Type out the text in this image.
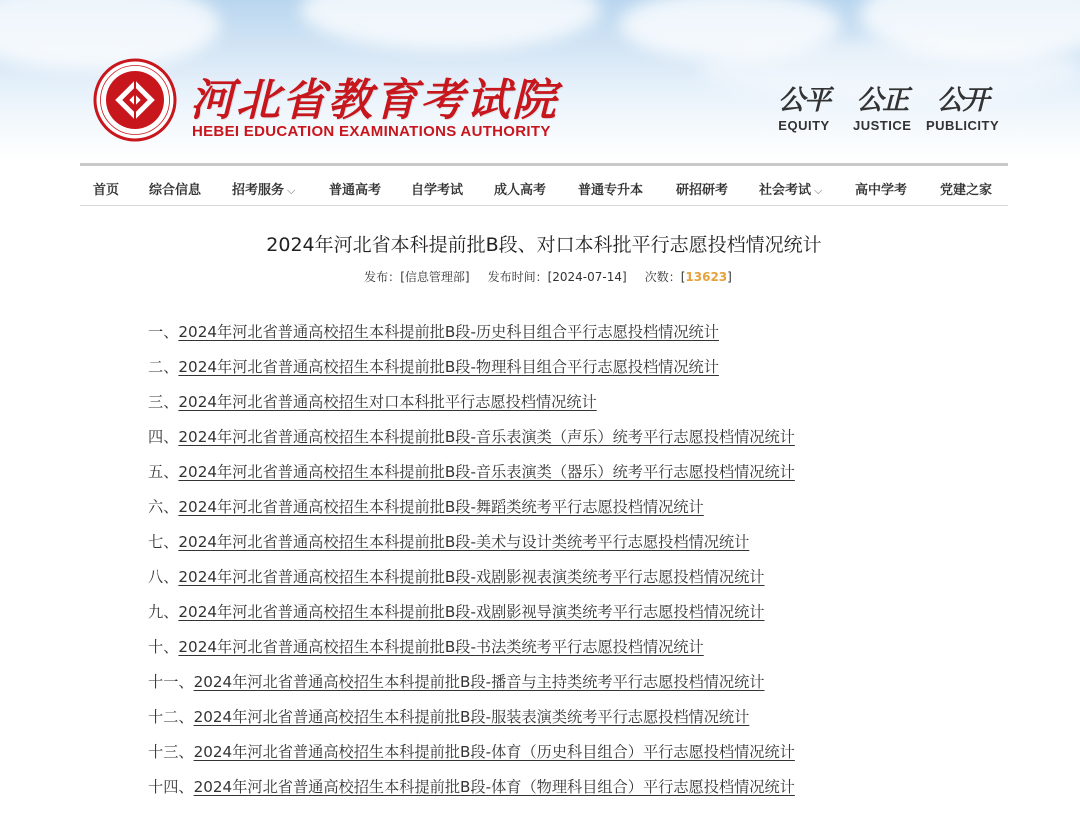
河北省教育考试院
HEBEI EDUCATION EXAMINATIONS AUTHORITY
公平
EQUITY
公正
JUSTICE
公开
PUBLICITY
首页 综合信息 招考服务 ⌵	普通高考 自学考试 成人高考 普通专升本	研招研考 社会考试 ⌵	高中学考	党建之家
2024年河北省本科提前批B段、对口本科批平行志愿投档情况统计
发布：[信息管理部] 发布时间：[2024-07-14] 次数：[13623]
一、2024年河北省普通高校招生本科提前批B段-历史科目组合平行志愿投档情况统计
二、2024年河北省普通高校招生本科提前批B段-物理科目组合平行志愿投档情况统计
三、2024年河北省普通高校招生对口本科批平行志愿投档情况统计
四、2024年河北省普通高校招生本科提前批B段-音乐表演类（声乐）统考平行志愿投档情况统计
五、2024年河北省普通高校招生本科提前批B段-音乐表演类（器乐）统考平行志愿投档情况统计
六、2024年河北省普通高校招生本科提前批B段-舞蹈类统考平行志愿投档情况统计
七、2024年河北省普通高校招生本科提前批B段-美术与设计类统考平行志愿投档情况统计
八、2024年河北省普通高校招生本科提前批B段-戏剧影视表演类统考平行志愿投档情况统计
九、2024年河北省普通高校招生本科提前批B段-戏剧影视导演类统考平行志愿投档情况统计
十、2024年河北省普通高校招生本科提前批B段-书法类统考平行志愿投档情况统计
十一、2024年河北省普通高校招生本科提前批B段-播音与主持类统考平行志愿投档情况统计
十二、2024年河北省普通高校招生本科提前批B段-服装表演类统考平行志愿投档情况统计
十三、2024年河北省普通高校招生本科提前批B段-体育（历史科目组合）平行志愿投档情况统计
十四、2024年河北省普通高校招生本科提前批B段-体育（物理科目组合）平行志愿投档情况统计
